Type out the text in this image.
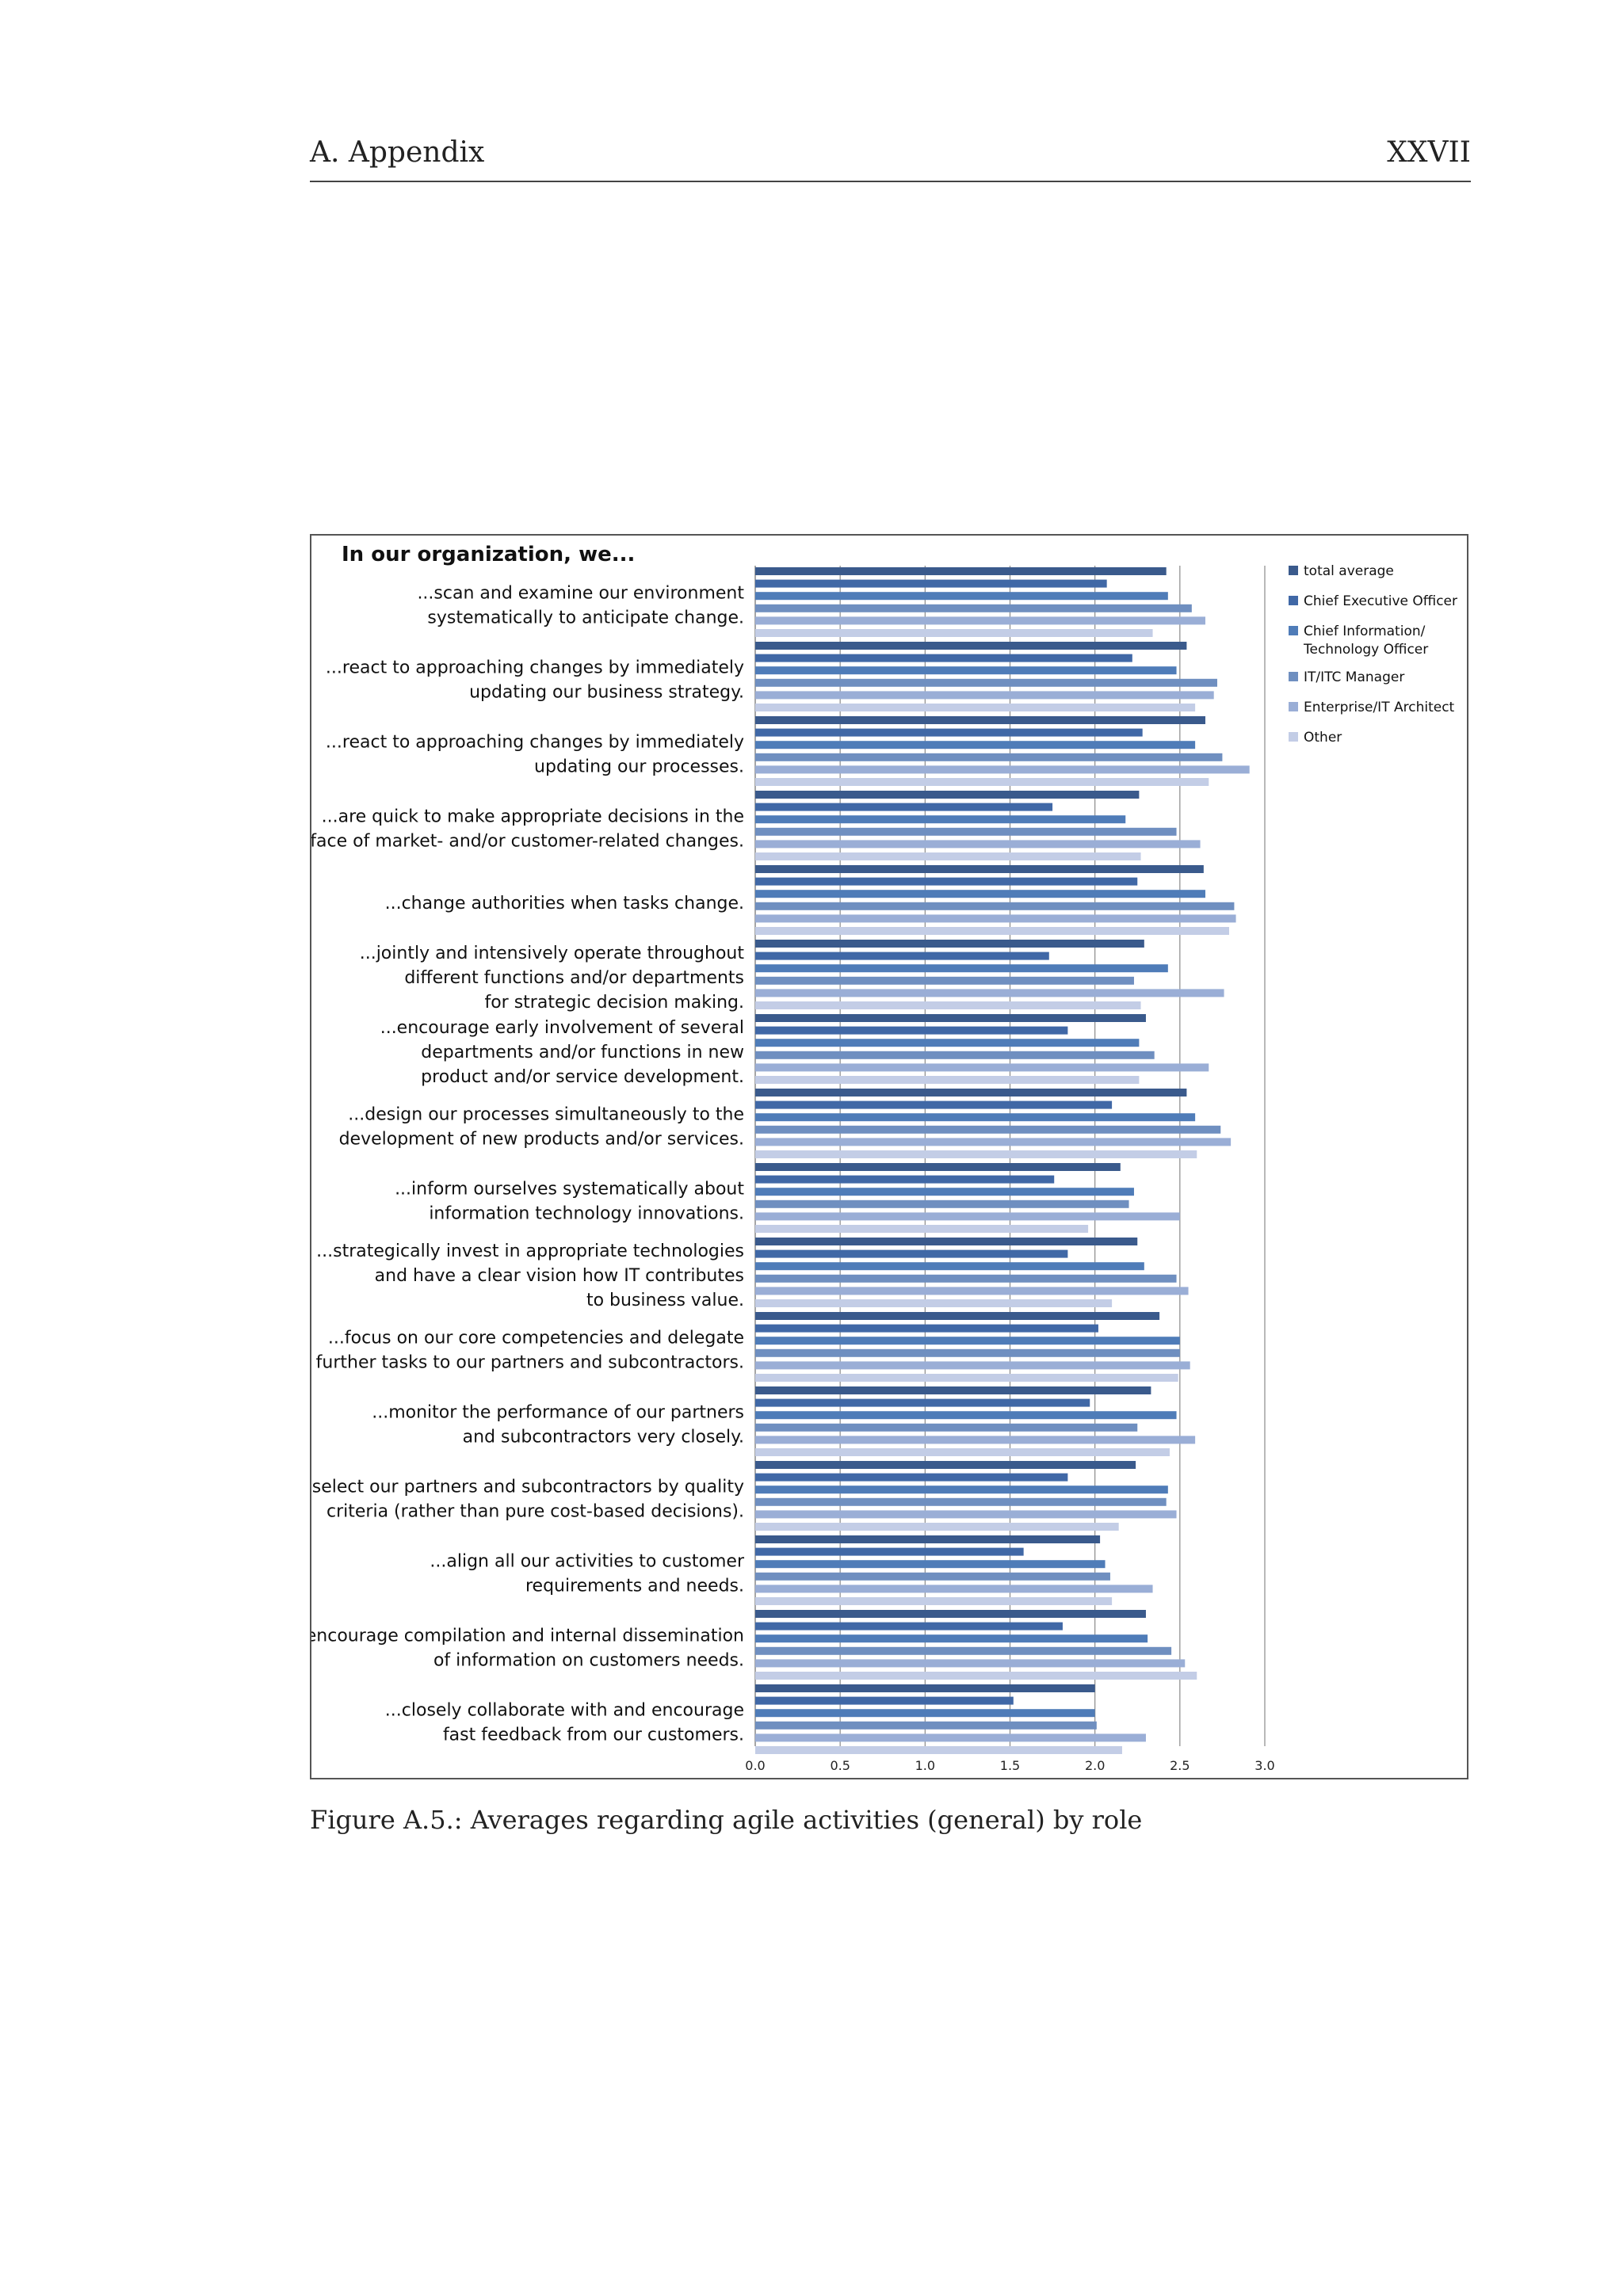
A. Appendix	XXVII
In our organization, we...
...scan and examine our environment
systematically to anticipate change.
...react to approaching changes by immediately
updating our business strategy.
...react to approaching changes by immediately
updating our processes.
...are quick to make appropriate decisions in the
face of market- and/or customer-related changes.
...change authorities when tasks change.
...jointly and intensively operate throughout
different functions and/or departments
for strategic decision making.
...encourage early involvement of several
departments and/or functions in new
product and/or service development.
...design our processes simultaneously to the
development of new products and/or services.
...inform ourselves systematically about
information technology innovations.
...strategically invest in appropriate technologies
and have a clear vision how IT contributes
to business value.
...focus on our core competencies and delegate
further tasks to our partners and subcontractors.
...monitor the performance of our partners
and subcontractors very closely.
...select our partners and subcontractors by quality
criteria (rather than pure cost-based decisions).
...align all our activities to customer
requirements and needs.
...encourage compilation and internal dissemination
of information on customers needs.
...closely collaborate with and encourage
fast feedback from our customers.
0.0	0.5	1.0	1.5	2.0	2.5	3.0
total average
Chief Executive Officer
Chief Information/
Technology Officer
IT/ITC Manager
Enterprise/IT Architect
Other
Figure A.5.: Averages regarding agile activities (general) by role
